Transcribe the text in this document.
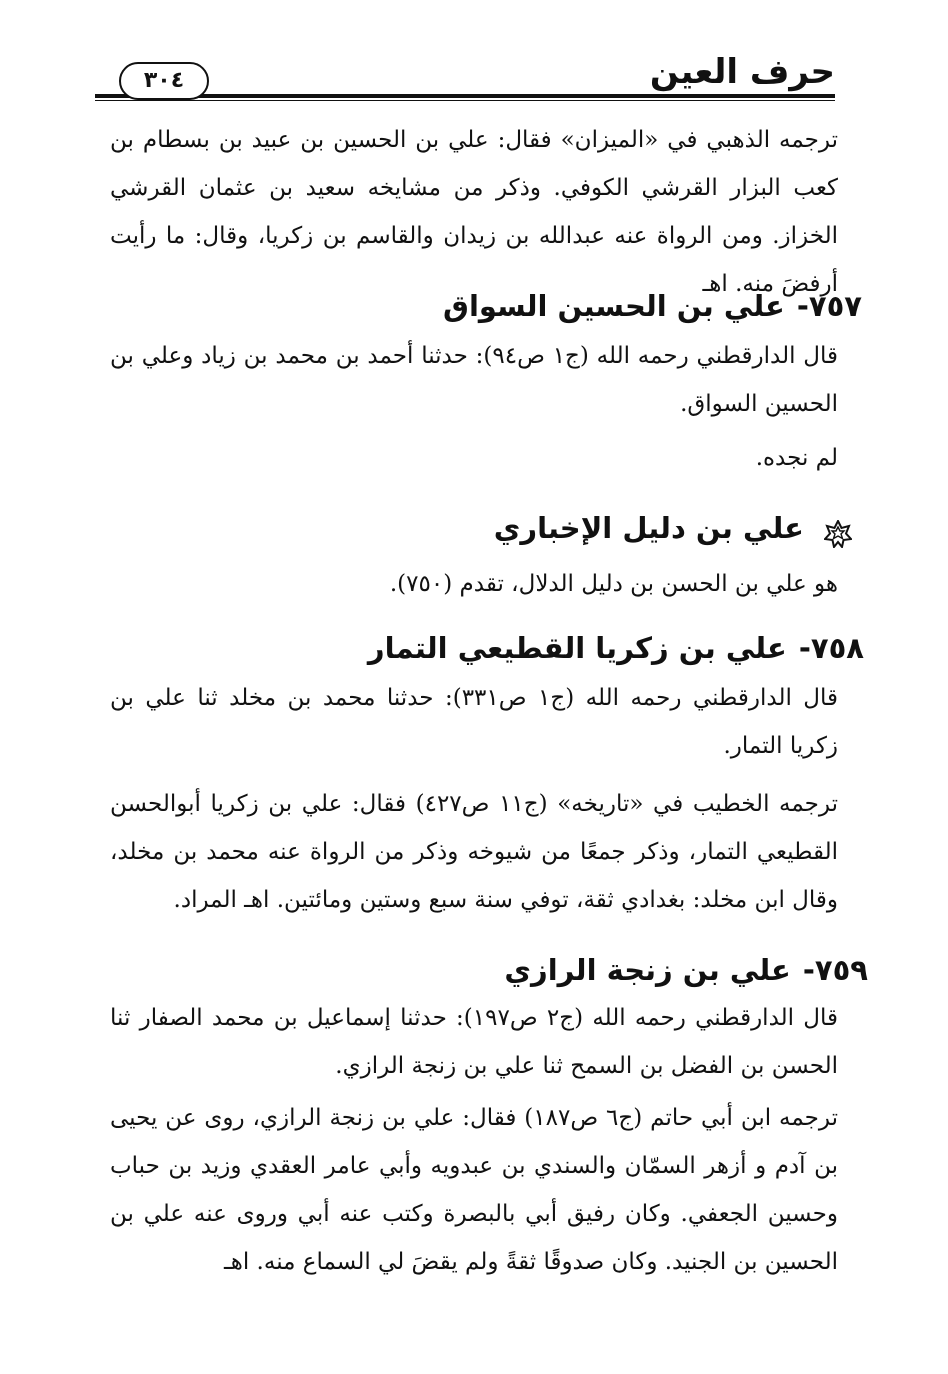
حرف العين
٣٠٤

ترجمه الذهبي في «الميزان» فقال: علي بن الحسين بن عبيد بن بسطام بن كعب البزار القرشي الكوفي. وذكر من مشايخه سعيد بن عثمان القرشي الخزاز. ومن الرواة عنه عبدالله بن زيدان والقاسم بن زكريا، وقال: ما رأيت أرفضَ منه. اهـ

٧٥٧-علي بن الحسين السواق

قال الدارقطني رحمه الله (ج١ ص٩٤): حدثنا أحمد بن محمد بن زياد وعلي بن الحسين السواق.

لم نجده.

علي بن دليل الإخباري

هو علي بن الحسن بن دليل الدلال، تقدم (٧٥٠).

٧٥٨-علي بن زكريا القطيعي التمار

قال الدارقطني رحمه الله (ج١ ص٣٣١): حدثنا محمد بن مخلد ثنا علي بن زكريا التمار.

ترجمه الخطيب في «تاريخه» (ج١١ ص٤٢٧) فقال: علي بن زكريا أبوالحسن القطيعي التمار، وذكر جمعًا من شيوخه وذكر من الرواة عنه محمد بن مخلد، وقال ابن مخلد: بغدادي ثقة، توفي سنة سبع وستين ومائتين. اهـ المراد.

٧٥٩-علي بن زنجة الرازي

قال الدارقطني رحمه الله (ج٢ ص١٩٧): حدثنا إسماعيل بن محمد الصفار ثنا الحسن بن الفضل بن السمح ثنا علي بن زنجة الرازي.

ترجمه ابن أبي حاتم (ج٦ ص١٨٧) فقال: علي بن زنجة الرازي، روى عن يحيى بن آدم و أزهر السمّان والسندي بن عبدويه وأبي عامر العقدي وزيد بن حباب وحسين الجعفي. وكان رفيق أبي بالبصرة وكتب عنه أبي وروى عنه علي بن الحسين بن الجنيد. وكان صدوقًا ثقةً ولم يقضَ لي السماع منه. اهـ
